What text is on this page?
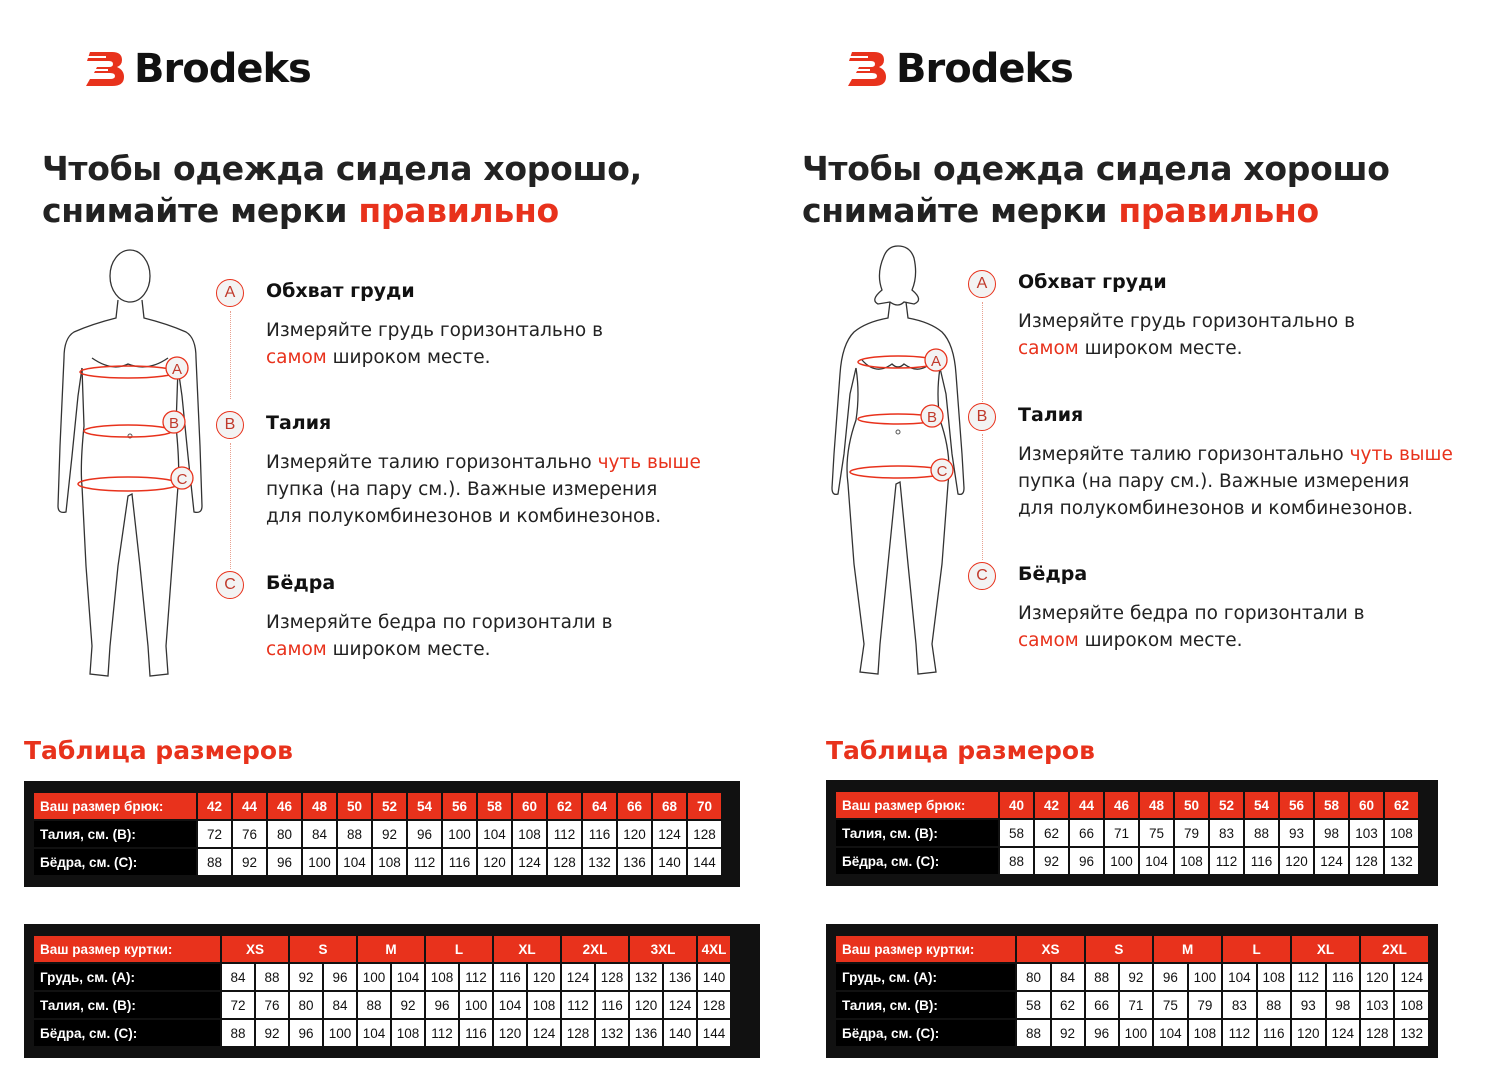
Brodeks
Чтобы одежда сидела хорошо,
снимайте мерки правильно
A
B
C
A	Обхват груди
Измеряйте грудь горизонтально в
самом широком месте.
B	Талия
Измеряйте талию горизонтально чуть выше
пупка (на пару см.). Важные измерения
для полукомбинезонов и комбинезонов.
C	Бёдра
Измеряйте бедра по горизонтали в
самом широком месте.
Таблица размеров
Ваш размер брюк:	42	44	46	48	50	52	54	56	58	60	62	64	66	68	70
Талия, см. (B):	72	76	80	84	88	92	96	100	104	108	112	116	120	124	128
Бёдра, см. (C):	88	92	96	100	104	108	112	116	120	124	128	132	136	140	144
Ваш размер куртки:	XS		S		M		L		XL		2XL		3XL		4XL
Грудь, см. (A):	84	88	92	96	100	104	108	112	116	120	124	128	132	136	140
Талия, см. (B):	72	76	80	84	88	92	96	100	104	108	112	116	120	124	128
Бёдра, см. (C):	88	92	96	100	104	108	112	116	120	124	128	132	136	140	144
Brodeks
Чтобы одежда сидела хорошо
снимайте мерки правильно
A
B
C
A	Обхват груди
Измеряйте грудь горизонтально в
самом широком месте.
B	Талия
Измеряйте талию горизонтально чуть выше
пупка (на пару см.). Важные измерения
для полукомбинезонов и комбинезонов.
C	Бёдра
Измеряйте бедра по горизонтали в
самом широком месте.
Таблица размеров
Ваш размер брюк:	40	42	44	46	48	50	52	54	56	58	60	62
Талия, см. (B):	58	62	66	71	75	79	83	88	93	98	103	108
Бёдра, см. (C):	88	92	96	100	104	108	112	116	120	124	128	132
Ваш размер куртки:	XS		S		M		L		XL		2XL	
Грудь, см. (A):	80	84	88	92	96	100	104	108	112	116	120	124
Талия, см. (B):	58	62	66	71	75	79	83	88	93	98	103	108
Бёдра, см. (C):	88	92	96	100	104	108	112	116	120	124	128	132
